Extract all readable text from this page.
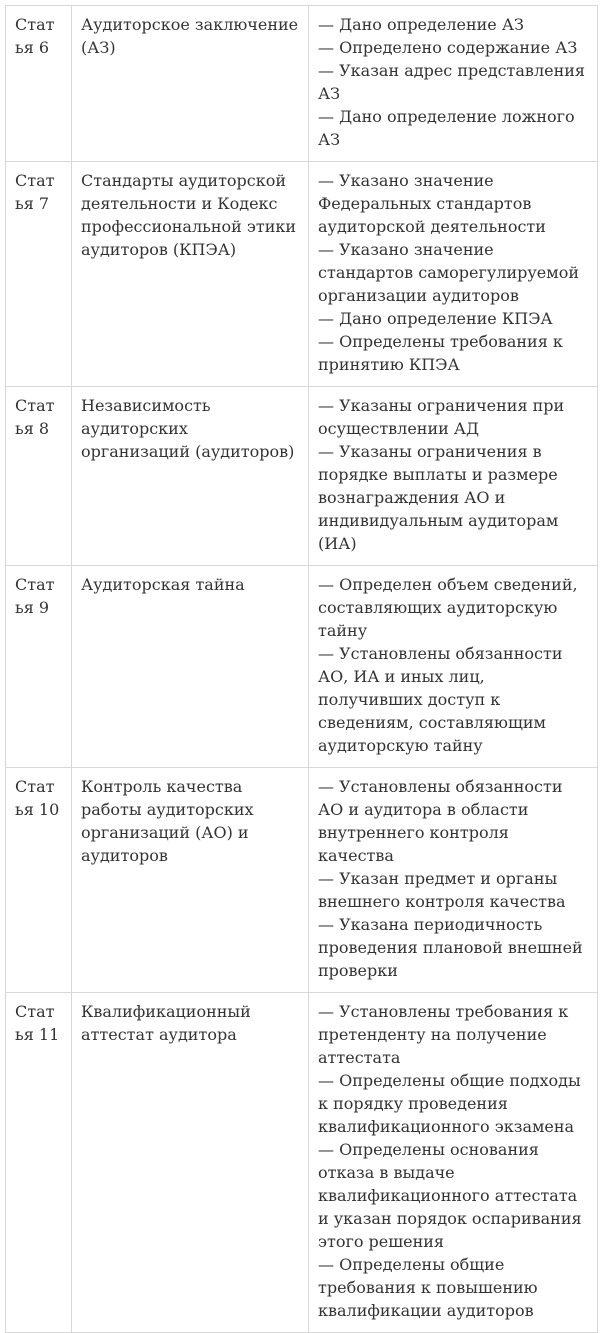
Статья 6	Аудиторское заключение (АЗ)	— Дано определение АЗ
— Определено содержание АЗ
— Указан адрес представления АЗ
— Дано определение ложного АЗ

Статья 7	Стандарты аудиторской деятельности и Кодекс профессиональной этики аудиторов (КПЭА)	— Указано значение Федеральных стандартов аудиторской деятельности
— Указано значение стандартов саморегулируемой организации аудиторов
— Дано определение КПЭА
— Определены требования к принятию КПЭА

Статья 8	Независимость аудиторских организаций (аудиторов)	— Указаны ограничения при осуществлении АД
— Указаны ограничения в порядке выплаты и размере вознаграждения АО и индивидуальным аудиторам (ИА)

Статья 9	Аудиторская тайна	— Определен объем сведений, составляющих аудиторскую тайну
— Установлены обязанности АО, ИА и иных лиц, получивших доступ к сведениям, составляющим аудиторскую тайну

Статья 10	Контроль качества работы аудиторских организаций (АО) и аудиторов	— Установлены обязанности АО и аудитора в области внутреннего контроля качества
— Указан предмет и органы внешнего контроля качества
— Указана периодичность проведения плановой внешней проверки

Статья 11	Квалификационный аттестат аудитора	— Установлены требования к претенденту на получение аттестата
— Определены общие подходы к порядку проведения квалификационного экзамена
— Определены основания отказа в выдаче квалификационного аттестата и указан порядок оспаривания этого решения
— Определены общие требования к повышению квалификации аудиторов
